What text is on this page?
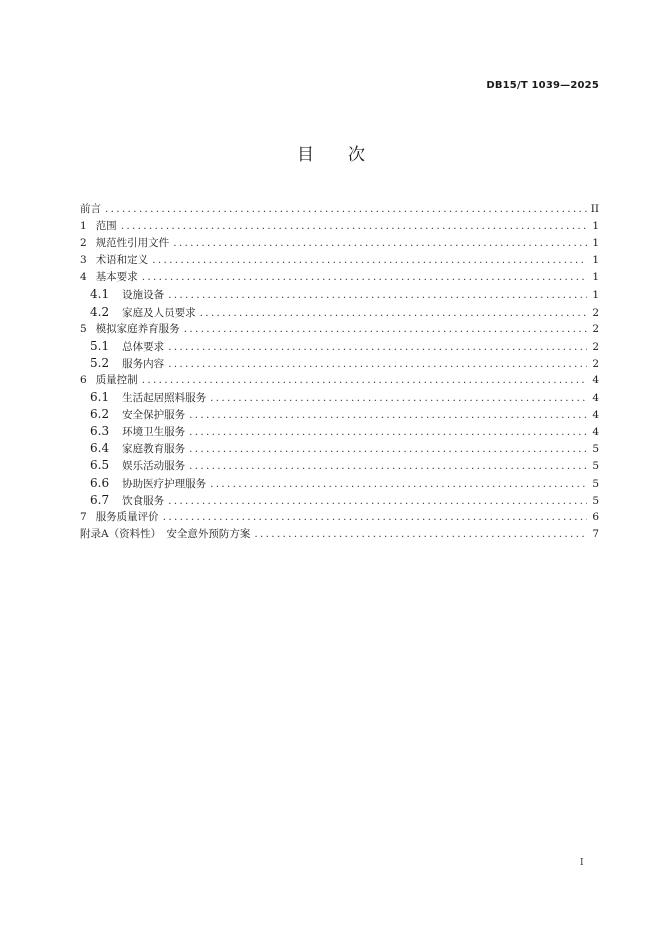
DB15/T 1039—2025
目　　次
前言 .....	II
1 范围 .....	1
2 规范性引用文件 .....	1
3 术语和定义 .....	1
4 基本要求 .....	1
4.1 设施设备 .....	1
4.2 家庭及人员要求 .....	2
5 模拟家庭养育服务 .....	2
5.1 总体要求 .....	2
5.2 服务内容 .....	2
6 质量控制 .....	4
6.1 生活起居照料服务 .....	4
6.2 安全保护服务 .....	4
6.3 环境卫生服务 .....	4
6.4 家庭教育服务 .....	5
6.5 娱乐活动服务 .....	5
6.6 协助医疗护理服务 .....	5
6.7 饮食服务 .....	5
7 服务质量评价 .....	6
附录A（资料性）　安全意外预防方案 .....	7
I
